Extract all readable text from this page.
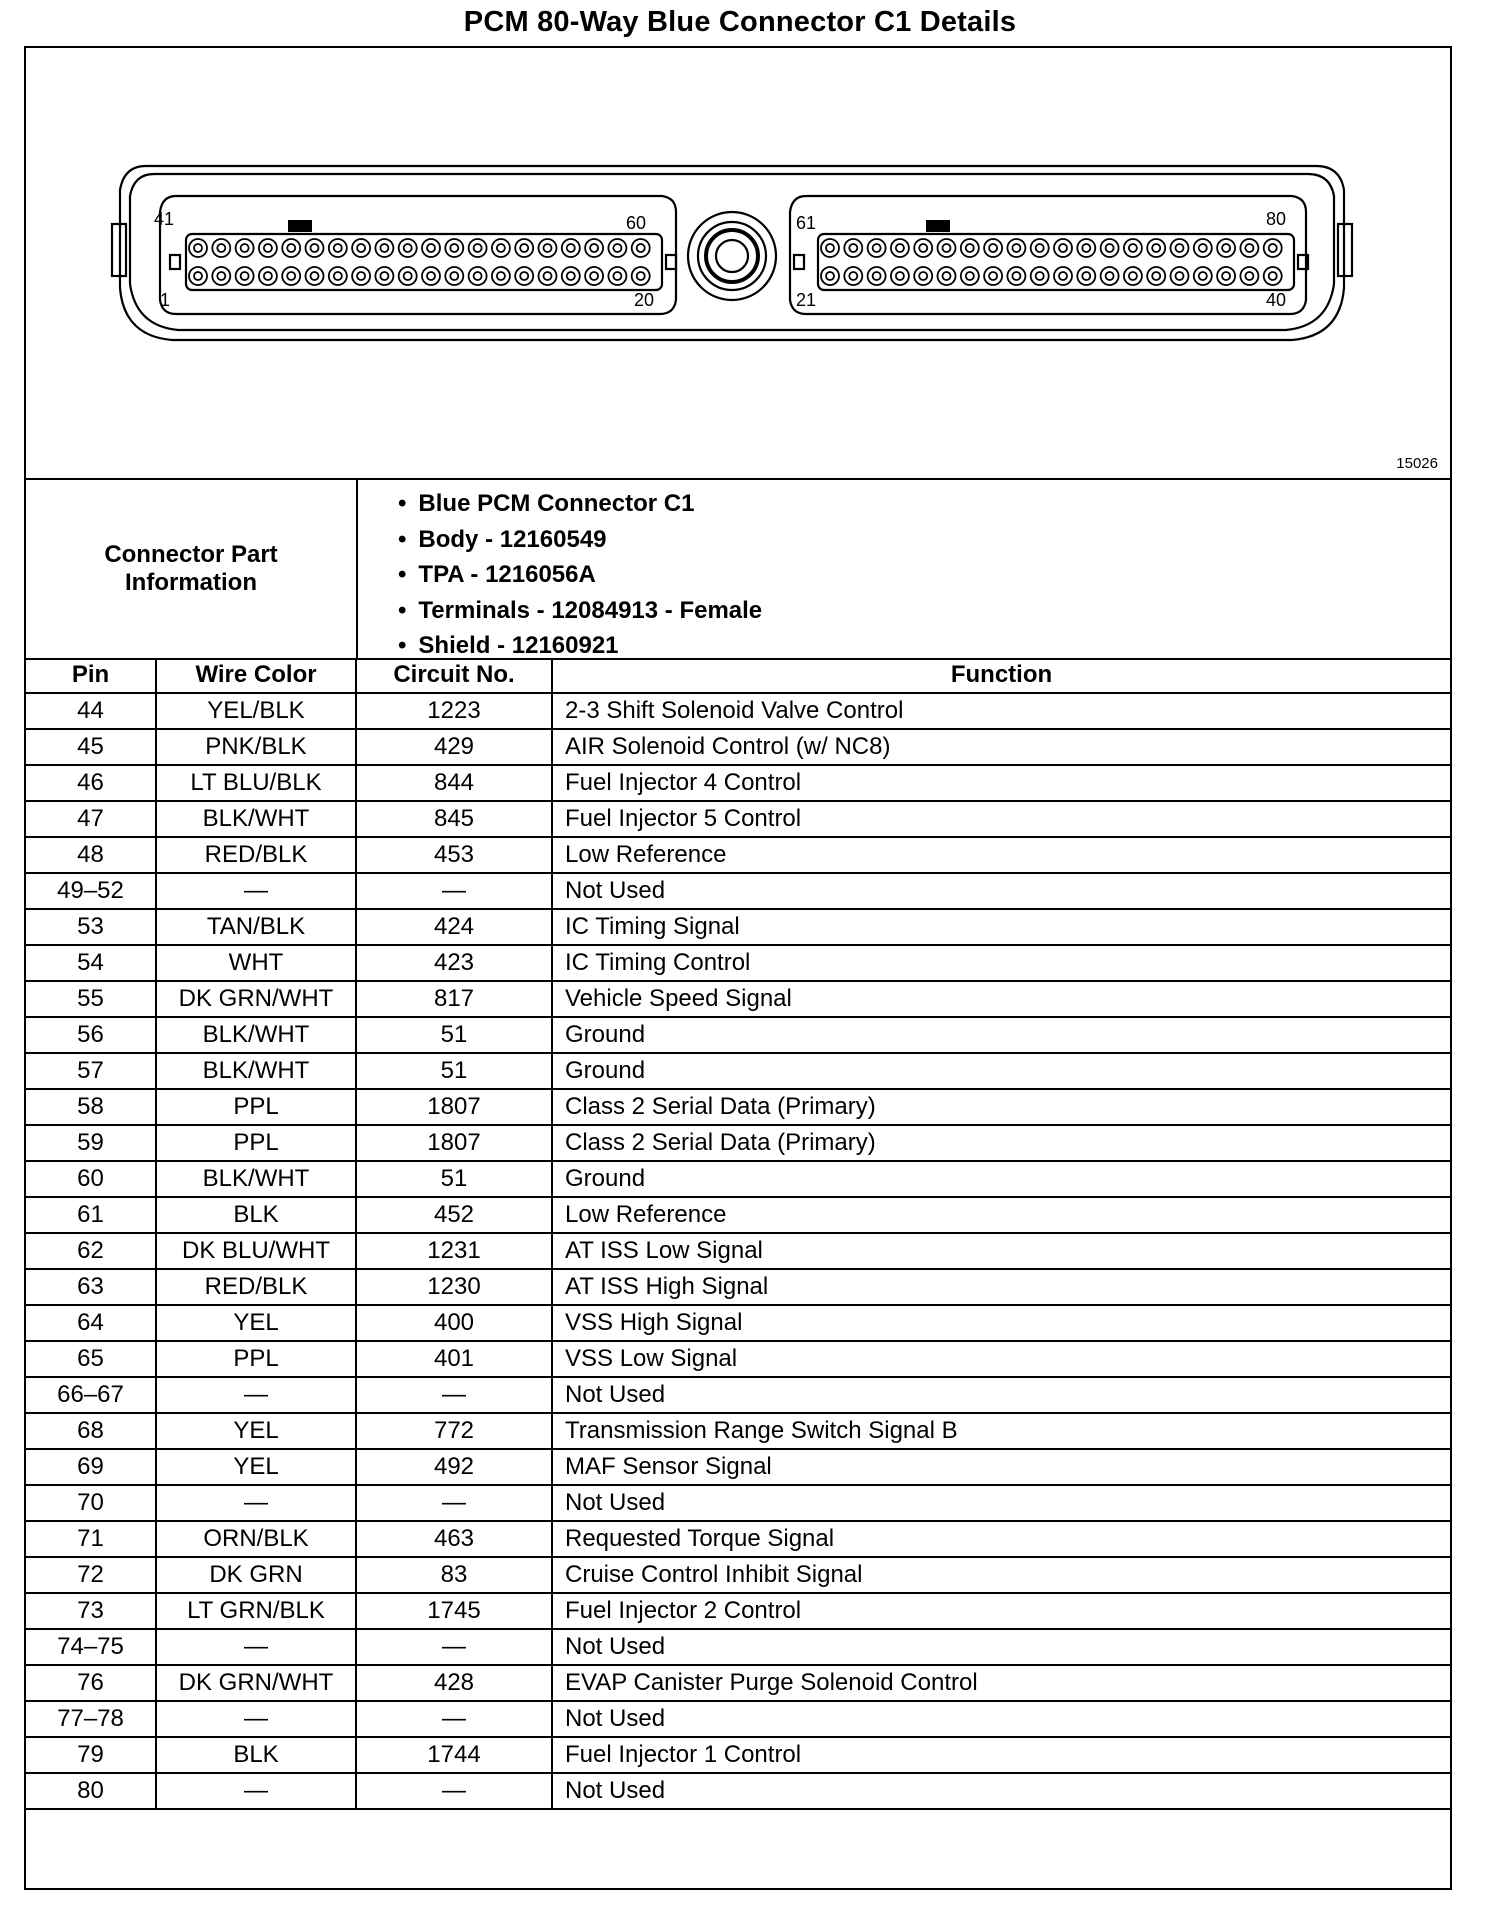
PCM 80-Way Blue Connector C1 Details
41	60
1	20
61	80
21	40
15026
Connector Part Information
• Blue PCM Connector C1
• Body - 12160549
• TPA - 1216056A
• Terminals - 12084913 - Female
• Shield - 12160921
Pin	Wire Color	Circuit No.	Function
44	YEL/BLK	1223	2-3 Shift Solenoid Valve Control
45	PNK/BLK	429	AIR Solenoid Control (w/ NC8)
46	LT BLU/BLK	844	Fuel Injector 4 Control
47	BLK/WHT	845	Fuel Injector 5 Control
48	RED/BLK	453	Low Reference
49–52	—	—	Not Used
53	TAN/BLK	424	IC Timing Signal
54	WHT	423	IC Timing Control
55	DK GRN/WHT	817	Vehicle Speed Signal
56	BLK/WHT	51	Ground
57	BLK/WHT	51	Ground
58	PPL	1807	Class 2 Serial Data (Primary)
59	PPL	1807	Class 2 Serial Data (Primary)
60	BLK/WHT	51	Ground
61	BLK	452	Low Reference
62	DK BLU/WHT	1231	AT ISS Low Signal
63	RED/BLK	1230	AT ISS High Signal
64	YEL	400	VSS High Signal
65	PPL	401	VSS Low Signal
66–67	—	—	Not Used
68	YEL	772	Transmission Range Switch Signal B
69	YEL	492	MAF Sensor Signal
70	—	—	Not Used
71	ORN/BLK	463	Requested Torque Signal
72	DK GRN	83	Cruise Control Inhibit Signal
73	LT GRN/BLK	1745	Fuel Injector 2 Control
74–75	—	—	Not Used
76	DK GRN/WHT	428	EVAP Canister Purge Solenoid Control
77–78	—	—	Not Used
79	BLK	1744	Fuel Injector 1 Control
80	—	—	Not Used
